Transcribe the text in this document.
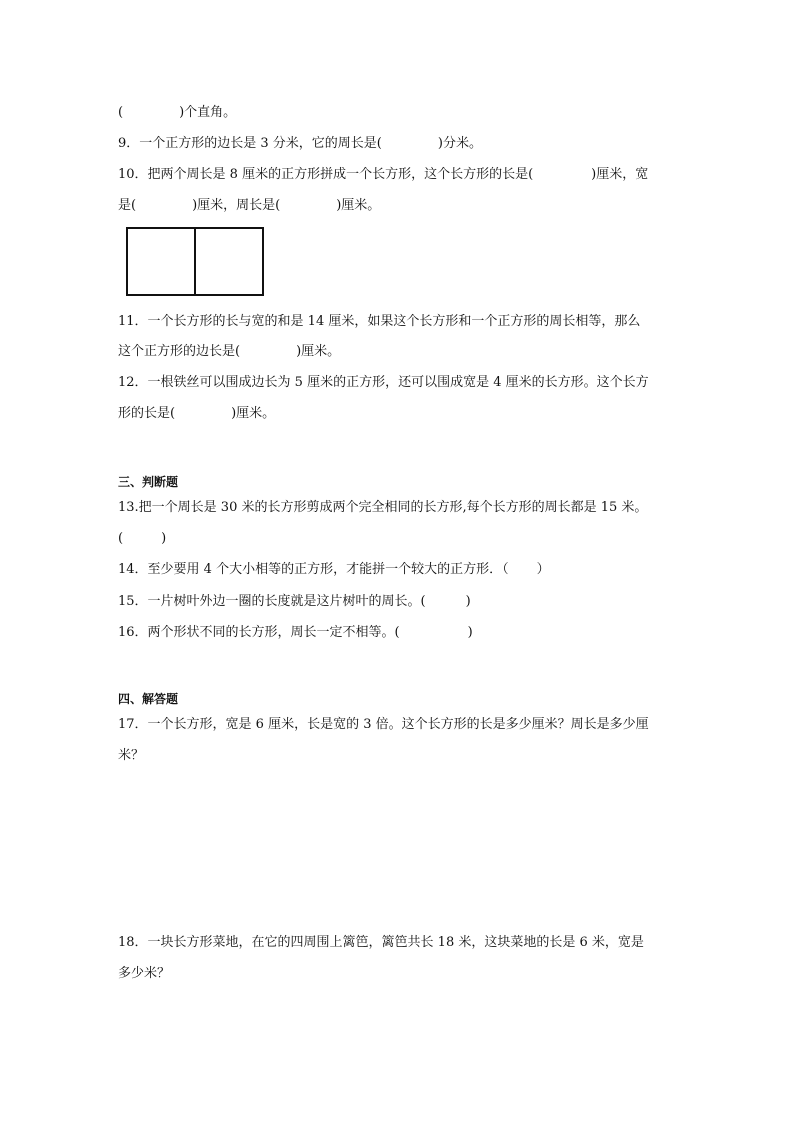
(	)个直角。
9．一个正方形的边长是 3 分米，它的周长是(	)分米。
10．把两个周长是 8 厘米的正方形拼成一个长方形，这个长方形的长是(	)厘米，宽
是(	)厘米，周长是(	)厘米。
11．一个长方形的长与宽的和是 14 厘米，如果这个长方形和一个正方形的周长相等，那么
这个正方形的边长是(	)厘米。
12．一根铁丝可以围成边长为 5 厘米的正方形，还可以围成宽是 4 厘米的长方形。这个长方
形的长是(	)厘米。
三、判断题
13.把一个周长是 30 米的长方形剪成两个完全相同的长方形,每个长方形的周长都是 15 米。
(	)
14．至少要用 4 个大小相等的正方形，才能拼一个较大的正方形．（ ）
15．一片树叶外边一圈的长度就是这片树叶的周长。(	)
16．两个形状不同的长方形，周长一定不相等。(	)
四、解答题
17．一个长方形，宽是 6 厘米，长是宽的 3 倍。这个长方形的长是多少厘米？周长是多少厘
米？
18．一块长方形菜地，在它的四周围上篱笆，篱笆共长 18 米，这块菜地的长是 6 米，宽是
多少米？
